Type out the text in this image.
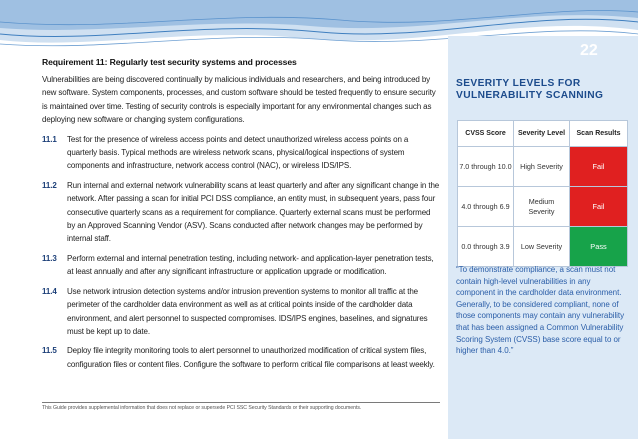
22
Requirement 11: Regularly test security systems and processes
Vulnerabilities are being discovered continually by malicious individuals and researchers, and being introduced by new software. System components, processes, and custom software should be tested frequently to ensure security is maintained over time. Testing of security controls is especially important for any environmental changes such as deploying new software or changing system configurations.
11.1	Test for the presence of wireless access points and detect unauthorized wireless access points on a quarterly basis. Typical methods are wireless network scans, physical/logical inspections of system components and infrastructure, network access control (NAC), or wireless IDS/IPS.
11.2	Run internal and external network vulnerability scans at least quarterly and after any significant change in the network. After passing a scan for initial PCI DSS compliance, an entity must, in subsequent years, pass four consecutive quarterly scans as a requirement for compliance. Quarterly external scans must be performed by an Approved Scanning Vendor (ASV). Scans conducted after network changes may be performed by internal staff.
11.3	Perform external and internal penetration testing, including network- and application-layer penetration tests, at least annually and after any significant infrastructure or application upgrade or modification.
11.4	Use network intrusion detection systems and/or intrusion prevention systems to monitor all traffic at the perimeter of the cardholder data environment as well as at critical points inside of the cardholder data environment, and alert personnel to suspected compromises. IDS/IPS engines, baselines, and signatures must be kept up to date.
11.5	Deploy file integrity monitoring tools to alert personnel to unauthorized modification of critical system files, configuration files or content files. Configure the software to perform critical file comparisons at least weekly.
This Guide provides supplemental information that does not replace or supersede PCI SSC Security Standards or their supporting documents.
SEVERITY LEVELS FOR VULNERABILITY SCANNING
CVSS Score	Severity Level	Scan Results
7.0 through 10.0	High Severity	Fail
4.0 through 6.9	Medium Severity	Fail
0.0 through 3.9	Low Severity	Pass
“To demonstrate compliance, a scan must not contain high-level vulnerabilities in any component in the cardholder data environment. Generally, to be considered compliant, none of those components may contain any vulnerability that has been assigned a Common Vulnerability Scoring System (CVSS) base score equal to or higher than 4.0.”
